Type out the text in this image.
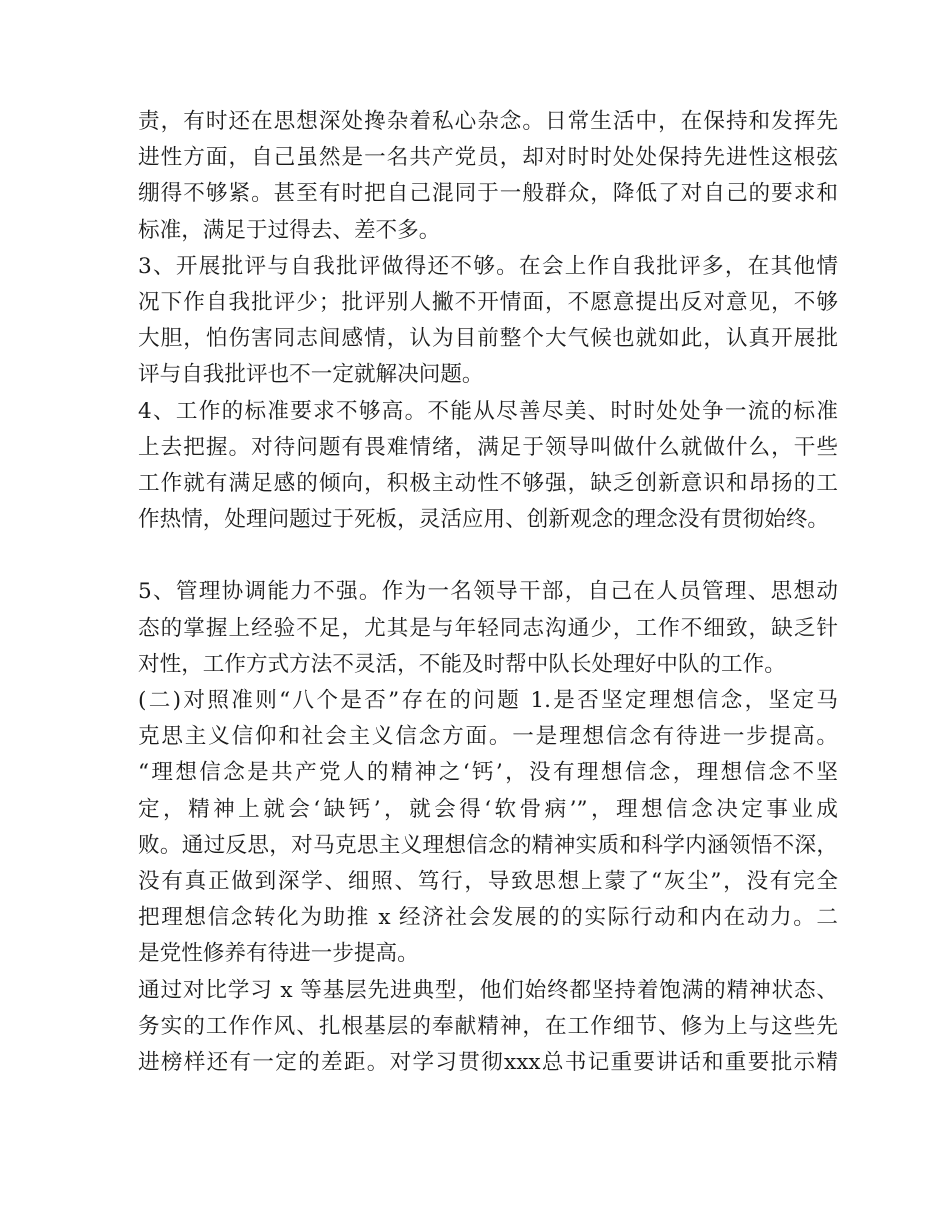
责，有时还在思想深处搀杂着私心杂念。日常生活中，在保持和发挥先
进性方面，自己虽然是一名共产党员，却对时时处处保持先进性这根弦
绷得不够紧。甚至有时把自己混同于一般群众，降低了对自己的要求和
标准，满足于过得去、差不多。
3、开展批评与自我批评做得还不够。在会上作自我批评多，在其他情
况下作自我批评少；批评别人撇不开情面，不愿意提出反对意见，不够
大胆，怕伤害同志间感情，认为目前整个大气候也就如此，认真开展批
评与自我批评也不一定就解决问题。
4、工作的标准要求不够高。不能从尽善尽美、时时处处争一流的标准
上去把握。对待问题有畏难情绪，满足于领导叫做什么就做什么，干些
工作就有满足感的倾向，积极主动性不够强，缺乏创新意识和昂扬的工
作热情，处理问题过于死板，灵活应用、创新观念的理念没有贯彻始终。
5、管理协调能力不强。作为一名领导干部，自己在人员管理、思想动
态的掌握上经验不足，尤其是与年轻同志沟通少，工作不细致，缺乏针
对性，工作方式方法不灵活，不能及时帮中队长处理好中队的工作。
(二)对照准则“八个是否”存在的问题 1.是否坚定理想信念，坚定马
克思主义信仰和社会主义信念方面。一是理想信念有待进一步提高。
“理想信念是共产党人的精神之‘钙’，没有理想信念，理想信念不坚
定，精神上就会‘缺钙’，就会得‘软骨病’”，理想信念决定事业成
败。通过反思，对马克思主义理想信念的精神实质和科学内涵领悟不深，
没有真正做到深学、细照、笃行，导致思想上蒙了“灰尘”，没有完全
把理想信念转化为助推 x 经济社会发展的的实际行动和内在动力。二
是党性修养有待进一步提高。
通过对比学习 x 等基层先进典型，他们始终都坚持着饱满的精神状态、
务实的工作作风、扎根基层的奉献精神，在工作细节、修为上与这些先
进榜样还有一定的差距。对学习贯彻xxx总书记重要讲话和重要批示精
